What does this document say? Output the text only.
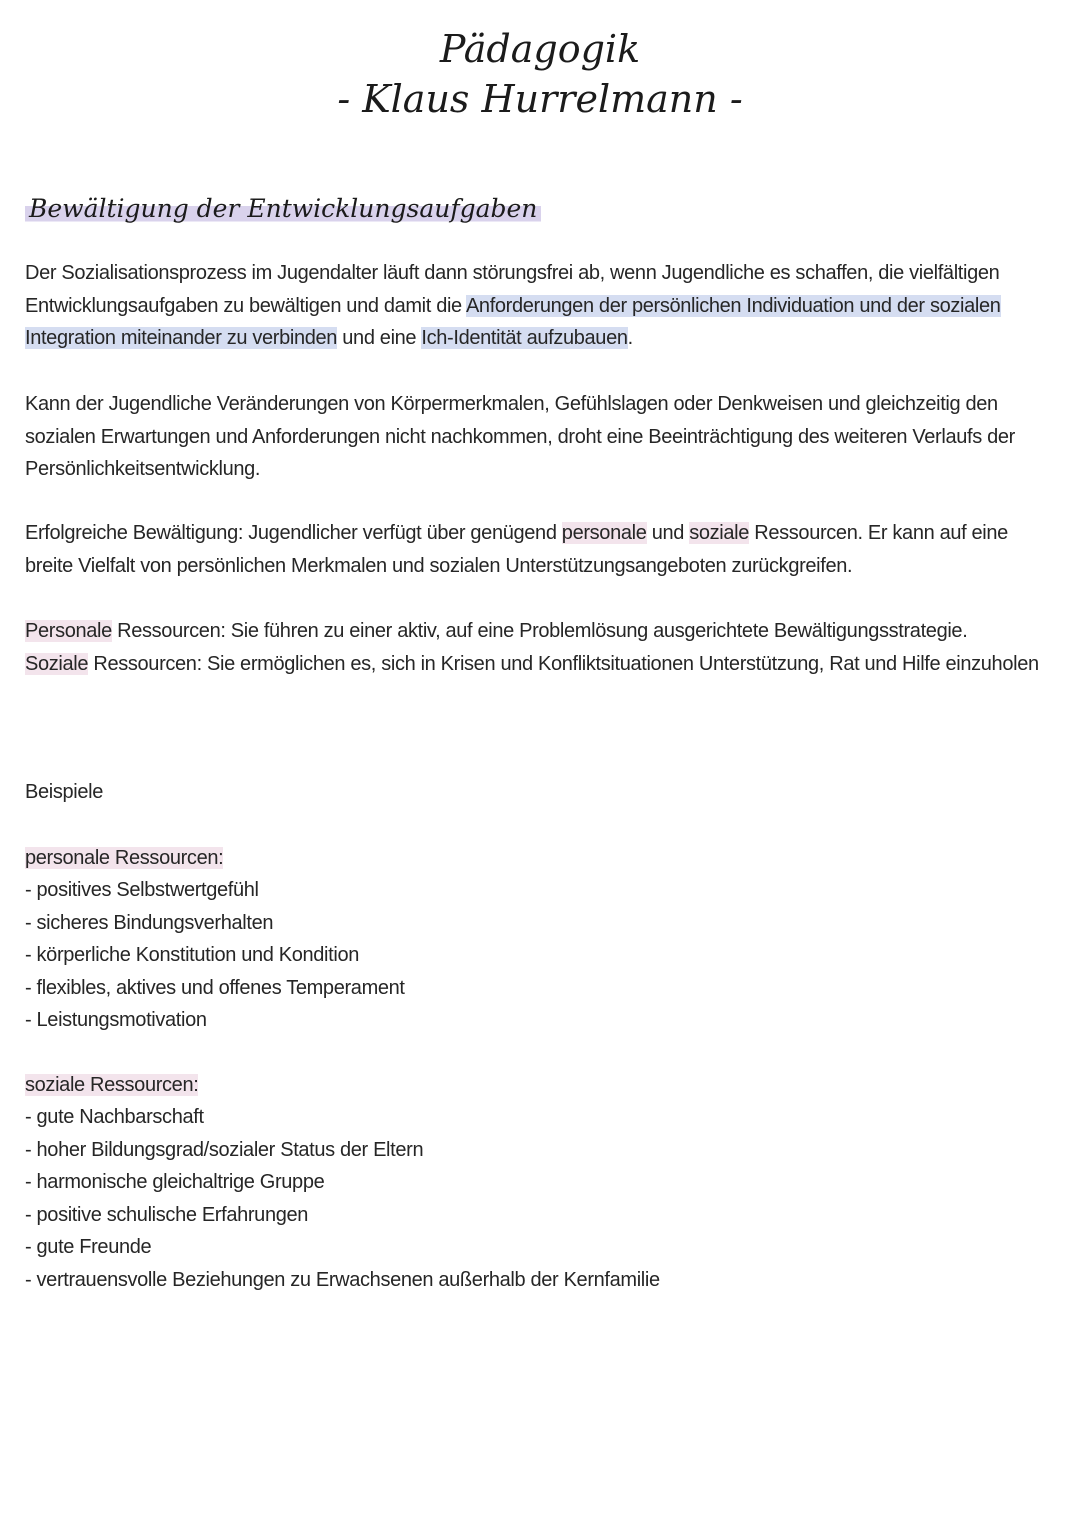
Pädagogik
- Klaus Hurrelmann -
Bewältigung der Entwicklungsaufgaben

Der Sozialisationsprozess im Jugendalter läuft dann störungsfrei ab, wenn Jugendliche es schaffen, die vielfältigen Entwicklungsaufgaben zu bewältigen und damit die Anforderungen der persönlichen Individuation und der sozialen Integration miteinander zu verbinden und eine Ich-Identität aufzubauen.

Kann der Jugendliche Veränderungen von Körpermerkmalen, Gefühlslagen oder Denkweisen und gleichzeitig den sozialen Erwartungen und Anforderungen nicht nachkommen, droht eine Beeinträchtigung des weiteren Verlaufs der Persönlichkeitsentwicklung.

Erfolgreiche Bewältigung: Jugendlicher verfügt über genügend personale und soziale Ressourcen. Er kann auf eine breite Vielfalt von persönlichen Merkmalen und sozialen Unterstützungsangeboten zurückgreifen.

Personale Ressourcen: Sie führen zu einer aktiv, auf eine Problemlösung ausgerichtete Bewältigungsstrategie.
Soziale Ressourcen: Sie ermöglichen es, sich in Krisen und Konfliktsituationen Unterstützung, Rat und Hilfe einzuholen
Beispiele
personale Ressourcen:
- positives Selbstwertgefühl
- sicheres Bindungsverhalten
- körperliche Konstitution und Kondition
- flexibles, aktives und offenes Temperament
- Leistungsmotivation
soziale Ressourcen:
- gute Nachbarschaft
- hoher Bildungsgrad/sozialer Status der Eltern
- harmonische gleichaltrige Gruppe
- positive schulische Erfahrungen
- gute Freunde
- vertrauensvolle Beziehungen zu Erwachsenen außerhalb der Kernfamilie
